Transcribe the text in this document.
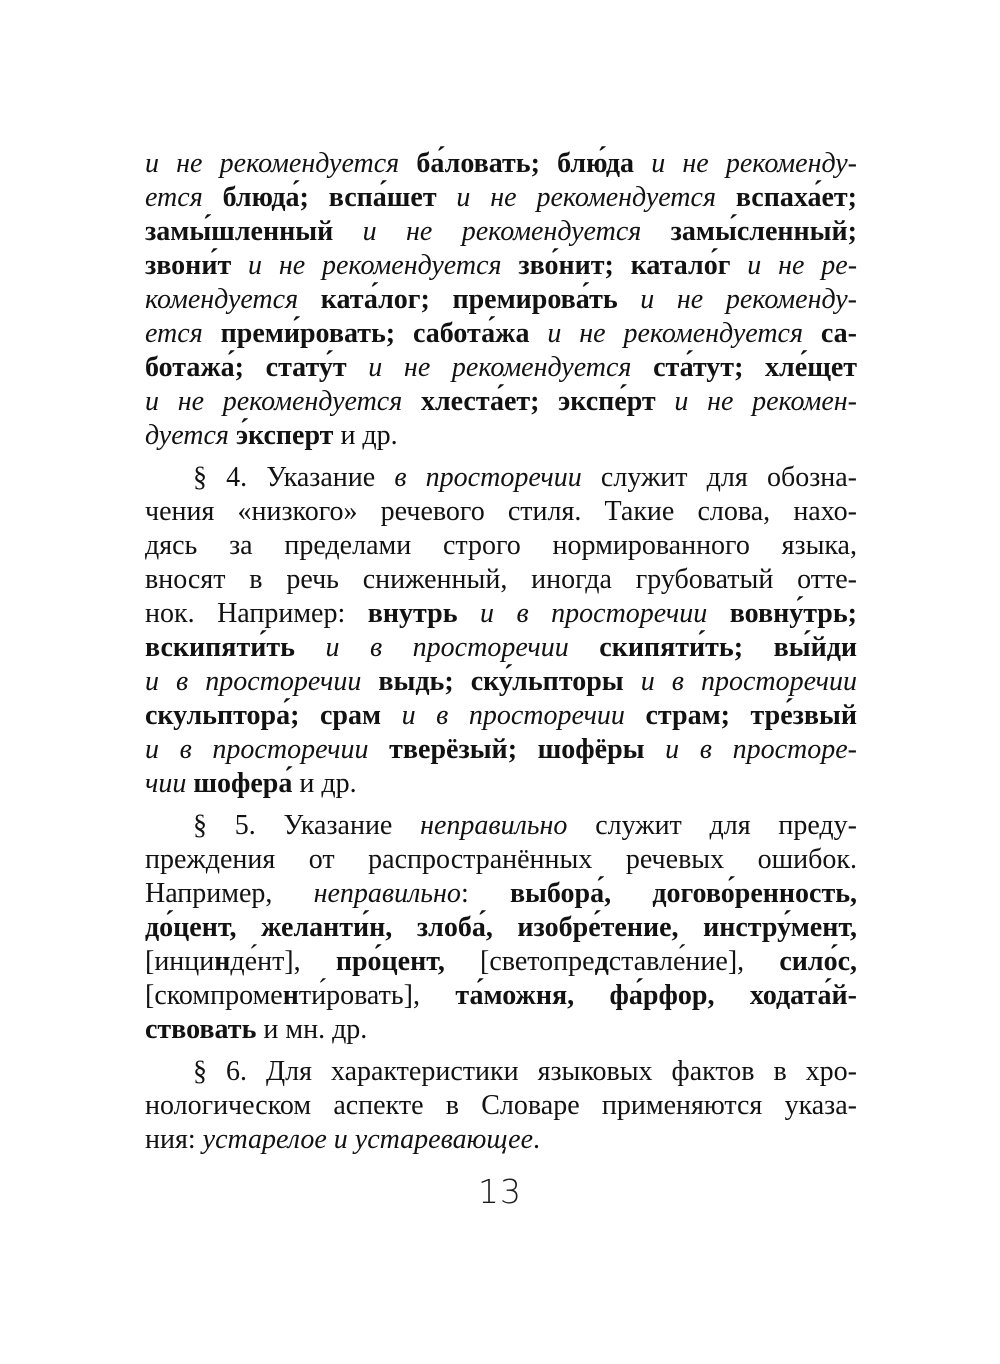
и не рекомендуется ба́ловать; блю́да и не рекоменду-
ется блюда́; вспа́шет и не рекомендуется вспаха́ет;
замы́шленный и не рекомендуется замы́сленный;
звони́т и не рекомендуется зво́нит; катало́г и не ре-
комендуется ката́лог; премирова́ть и не рекоменду-
ется преми́ровать; сабота́жа и не рекомендуется са-
ботажа́; стату́т и не рекомендуется ста́тут; хле́щет
и не рекомендуется хлеста́ет; экспе́рт и не рекомен-
дуется э́ксперт и др.
§ 4. Указание в просторечии служит для обозна-
чения «низкого» речевого стиля. Такие слова, нахо-
дясь за пределами строго нормированного языка,
вносят в речь сниженный, иногда грубоватый отте-
нок. Например: внутрь и в просторечии вовну́трь;
вскипяти́ть и в просторечии скипяти́ть; вы́йди
и в просторечии выдь; ску́льпторы и в просторечии
скульптора́; срам и в просторечии страм; тре́звый
и в просторечии тверёзый; шофёры и в просторе-
чии шофера́ и др.
§ 5. Указание неправильно служит для преду-
преждения от распространённых речевых ошибок.
Например, неправильно: выбора́, догово́ренность,
до́цент, желанти́н, злоба́, изобре́тение, инстру́мент,
[инцинде́нт], про́цент, [светопредставле́ние], сило́с,
[скомпроменти́ровать], та́можня, фа́рфор, ходата́й-
ствовать и мн. др.
§ 6. Для характеристики языковых фактов в хро-
нологическом аспекте в Словаре применяются указа-
ния: устарелое и устаревающее.
13
